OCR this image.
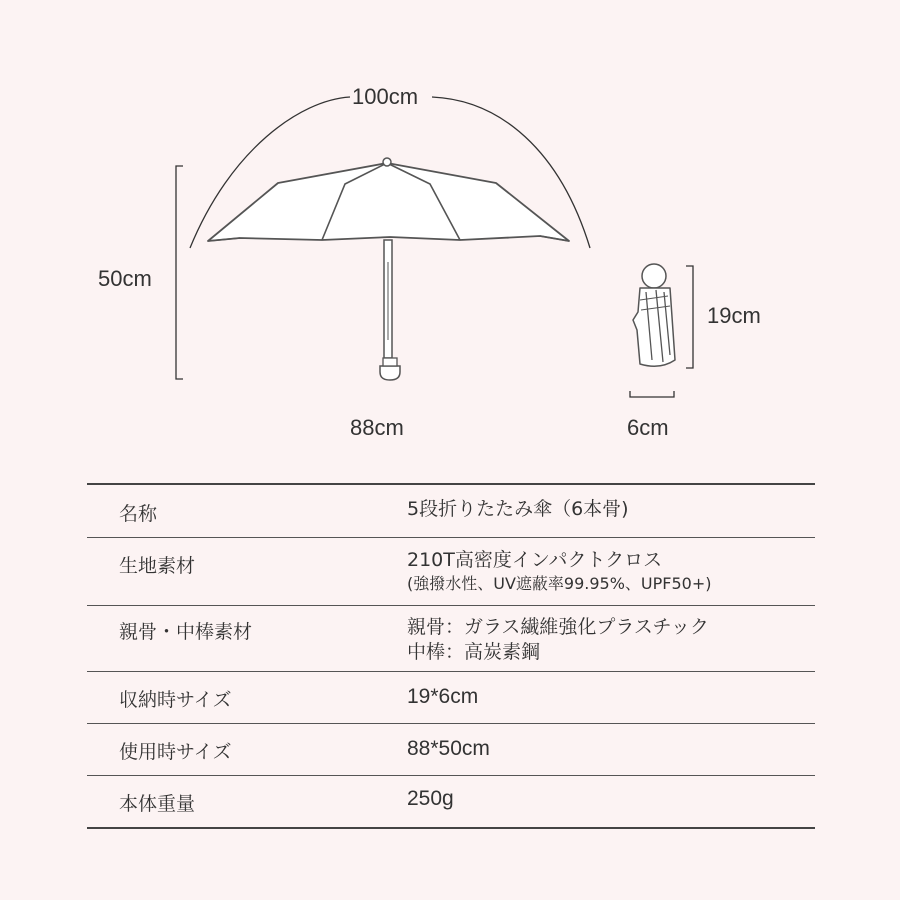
100cm
50cm
88cm
19cm
6cm
名称	5段折りたたみ傘（6本骨)
生地素材	210T高密度インパクトクロス
(強撥水性、UV遮蔽率99.95%、UPF50+)
親骨・中棒素材	親骨：ガラス繊維強化プラスチック
中棒：高炭素鋼
収納時サイズ	19*6cm
使用時サイズ	88*50cm
本体重量	250g
